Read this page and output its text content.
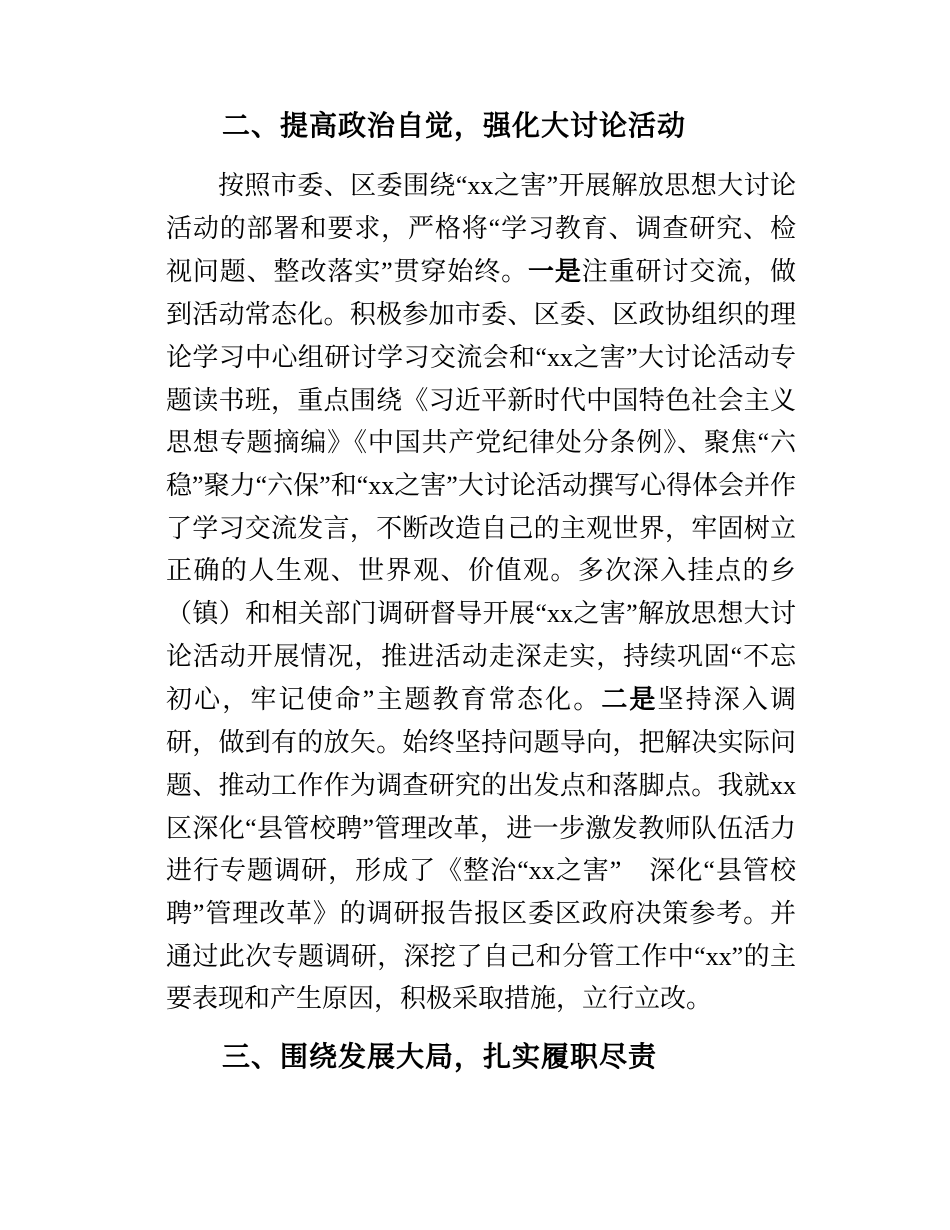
二、提高政治自觉，强化大讨论活动

按照市委、区委围绕“xx之害”开展解放思想大讨论活动的部署和要求，严格将“学习教育、调查研究、检视问题、整改落实”贯穿始终。一是注重研讨交流，做到活动常态化。积极参加市委、区委、区政协组织的理论学习中心组研讨学习交流会和“xx之害”大讨论活动专题读书班，重点围绕《习近平新时代中国特色社会主义思想专题摘编》《中国共产党纪律处分条例》、聚焦“六稳”聚力“六保”和“xx之害”大讨论活动撰写心得体会并作了学习交流发言，不断改造自己的主观世界，牢固树立正确的人生观、世界观、价值观。多次深入挂点的乡（镇）和相关部门调研督导开展“xx之害”解放思想大讨论活动开展情况，推进活动走深走实，持续巩固“不忘初心，牢记使命”主题教育常态化。二是坚持深入调研，做到有的放矢。始终坚持问题导向，把解决实际问题、推动工作作为调查研究的出发点和落脚点。我就xx区深化“县管校聘”管理改革，进一步激发教师队伍活力进行专题调研，形成了《整治“xx之害”　深化“县管校聘”管理改革》的调研报告报区委区政府决策参考。并通过此次专题调研，深挖了自己和分管工作中“xx”的主要表现和产生原因，积极采取措施，立行立改。

三、围绕发展大局，扎实履职尽责
